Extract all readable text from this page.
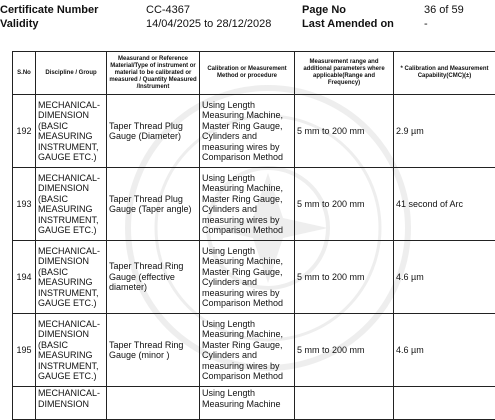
Certificate Number	CC-4367	Page No	36 of 59
Validity	14/04/2025 to 28/12/2028	Last Amended on	-
S.No	Discipline / Group	Measurand or Reference Material/Type of instrument or material to be calibrated or measured / Quantity Measured /Instrument	Calibration or Measurement Method or procedure	Measurement range and additional parameters where applicable(Range and Frequency)	* Calibration and Measurement Capability(CMC)(±)
192	MECHANICAL- DIMENSION (BASIC MEASURING INSTRUMENT, GAUGE ETC.)	Taper Thread Plug Gauge (Diameter)	Using Length Measuring Machine, Master Ring Gauge, Cylinders and measuring wires by Comparison Method	5 mm to 200 mm	2.9 µm
193	MECHANICAL- DIMENSION (BASIC MEASURING INSTRUMENT, GAUGE ETC.)	Taper Thread Plug Gauge (Taper angle)	Using Length Measuring Machine, Master Ring Gauge, Cylinders and measuring wires by Comparison Method	5 mm to 200 mm	41 second of Arc
194	MECHANICAL- DIMENSION (BASIC MEASURING INSTRUMENT, GAUGE ETC.)	Taper Thread Ring Gauge (effective diameter)	Using Length Measuring Machine, Master Ring Gauge, Cylinders and measuring wires by Comparison Method	5 mm to 200 mm	4.6 µm
195	MECHANICAL- DIMENSION (BASIC MEASURING INSTRUMENT, GAUGE ETC.)	Taper Thread Ring Gauge (minor )	Using Length Measuring Machine, Master Ring Gauge, Cylinders and measuring wires by Comparison Method	5 mm to 200 mm	4.6 µm
	MECHANICAL- DIMENSION		Using Length Measuring Machine		
